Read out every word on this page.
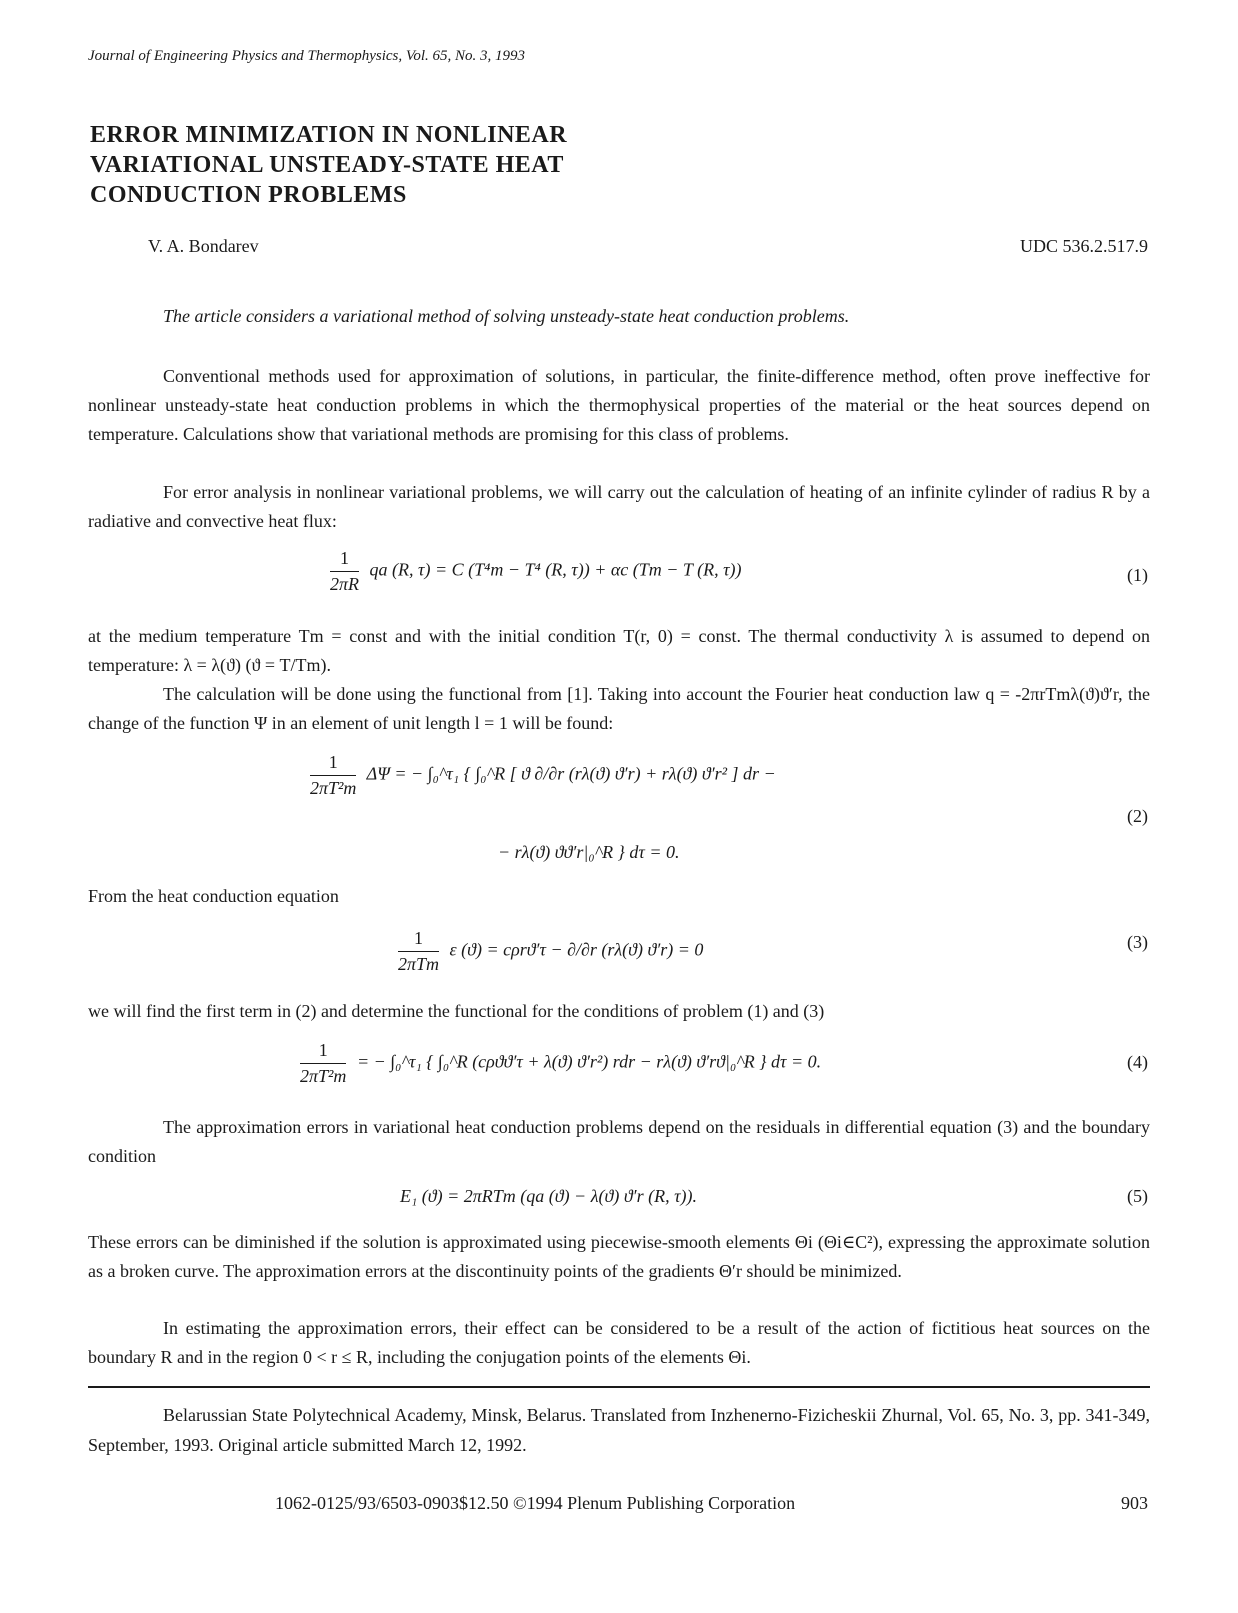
Journal of Engineering Physics and Thermophysics, Vol. 65, No. 3, 1993
ERROR MINIMIZATION IN NONLINEAR
VARIATIONAL UNSTEADY-STATE HEAT
CONDUCTION PROBLEMS
V. A. Bondarev	UDC 536.2.517.9
The article considers a variational method of solving unsteady-state heat conduction problems.
Conventional methods used for approximation of solutions, in particular, the finite-difference method, often prove ineffective for nonlinear unsteady-state heat conduction problems in which the thermophysical properties of the material or the heat sources depend on temperature. Calculations show that variational methods are promising for this class of problems.
For error analysis in nonlinear variational problems, we will carry out the calculation of heating of an infinite cylinder of radius R by a radiative and convective heat flux:
$\frac{1}{2\pi R}$ qa (R, τ) = C (T⁴m − T⁴ (R, τ)) + αc (Tm − T (R, τ))	(1)
at the medium temperature Tm = const and with the initial condition T(r, 0) = const. The thermal conductivity λ is assumed to depend on temperature: λ = λ(ϑ) (ϑ = T/Tm).
The calculation will be done using the functional from [1]. Taking into account the Fourier heat conduction law q = -2πrTmλ(ϑ)ϑ′r, the change of the function Ψ in an element of unit length l = 1 will be found:
$\frac{1}{\text{2πT²m}}$ ΔΨ = − ∫₀^τ₁ { ∫₀^R [ ϑ ∂/∂r (rλ(ϑ) ϑ′r) + rλ(ϑ) ϑ′r² ] dr −
− rλ(ϑ) ϑϑ′r|₀^R } dτ = 0.
(2)
From the heat conduction equation
$\frac{1}{\text{2πTm}}$ ε (ϑ) = cρrϑ′τ − ∂/∂r (rλ(ϑ) ϑ′r) = 0	(3)
we will find the first term in (2) and determine the functional for the conditions of problem (1) and (3)
$\frac{1}{\text{2πT²m}}$ = − ∫₀^τ₁ { ∫₀^R (cρϑϑ′τ + λ(ϑ) ϑ′r²) rdr − rλ(ϑ) ϑ′rϑ|₀^R } dτ = 0.	(4)
The approximation errors in variational heat conduction problems depend on the residuals in differential equation (3) and the boundary condition
E₁ (ϑ) = 2πRTm (qa (ϑ) − λ(ϑ) ϑ′r (R, τ)).	(5)
These errors can be diminished if the solution is approximated using piecewise-smooth elements Θi (Θi∈C²), expressing the approximate solution as a broken curve. The approximation errors at the discontinuity points of the gradients Θ′r should be minimized.
In estimating the approximation errors, their effect can be considered to be a result of the action of fictitious heat sources on the boundary R and in the region 0 < r ≤ R, including the conjugation points of the elements Θi.
Belarussian State Polytechnical Academy, Minsk, Belarus. Translated from Inzhenerno-Fizicheskii Zhurnal, Vol. 65, No. 3, pp. 341-349, September, 1993. Original article submitted March 12, 1992.
1062-0125/93/6503-0903$12.50 ©1994 Plenum Publishing Corporation	903
